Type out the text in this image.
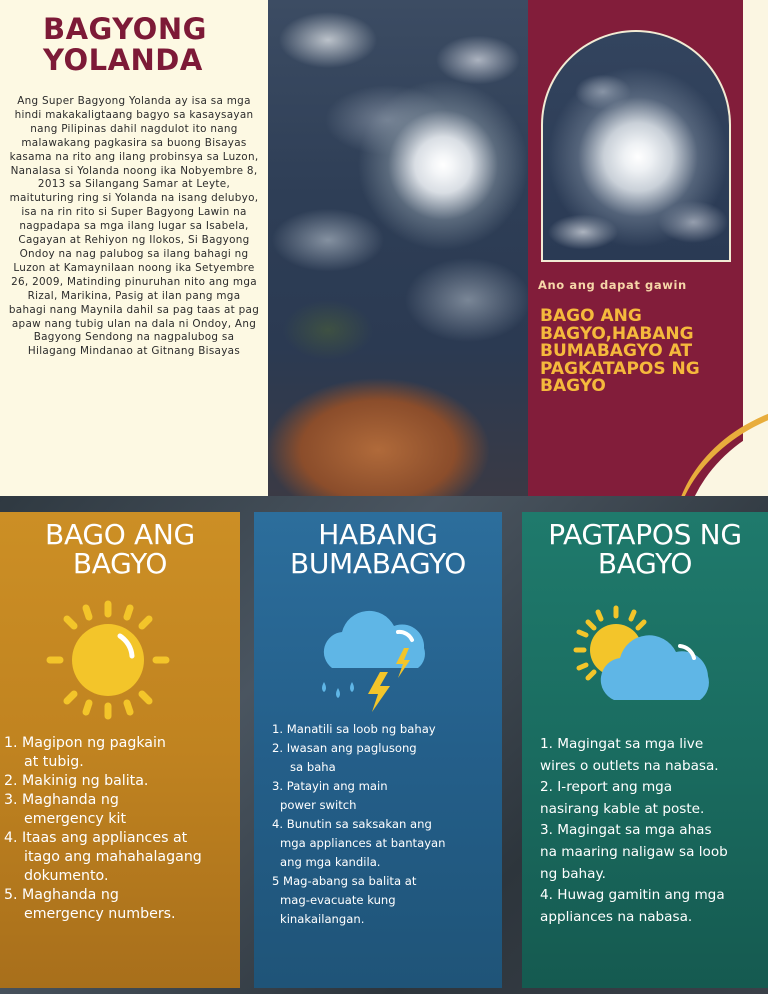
BAGYONG
YOLANDA

Ang Super Bagyong Yolanda ay isa sa mga hindi makakaligtaang bagyo sa kasaysayan nang Pilipinas dahil nagdulot ito nang malawakang pagkasira sa buong Bisayas kasama na rito ang ilang probinsya sa Luzon, Nanalasa si Yolanda noong ika Nobyembre 8, 2013 sa Silangang Samar at Leyte, maituturing ring si Yolanda na isang delubyo, isa na rin rito si Super Bagyong Lawin na nagpadapa sa mga ilang lugar sa Isabela, Cagayan at Rehiyon ng Ilokos, Si Bagyong Ondoy na nag palubog sa ilang bahagi ng Luzon at Kamaynilaan noong ika Setyembre 26, 2009, Matinding pinuruhan nito ang mga Rizal, Marikina, Pasig at ilan pang mga bahagi nang Maynila dahil sa pag taas at pag apaw nang tubig ulan na dala ni Ondoy, Ang Bagyong Sendong na nagpalubog sa Hilagang Mindanao at Gitnang Bisayas

Ano ang dapat gawin
BAGO ANG BAGYO,HABANG BUMABAGYO AT PAGKATAPOS NG BAGYO
BAGO ANG
BAGYO
1. Magipon ng pagkain
at tubig.
2. Makinig ng balita.
3. Maghanda ng
emergency kit
4. Itaas ang appliances at
itago ang mahahalagang
dokumento.
5. Maghanda ng
emergency numbers.
HABANG
BUMABAGYO
1. Manatili sa loob ng bahay
2. Iwasan ang paglusong
sa baha
3. Patayin ang main
power switch
4. Bunutin sa saksakan ang
mga appliances at bantayan
ang mga kandila.
5 Mag-abang sa balita at
mag-evacuate kung
kinakailangan.
PAGTAPOS NG
BAGYO
1. Magingat sa mga live
wires o outlets na nabasa.
2. I-report ang mga
nasirang kable at poste.
3. Magingat sa mga ahas
na maaring naligaw sa loob
ng bahay.
4. Huwag gamitin ang mga
appliances na nabasa.
